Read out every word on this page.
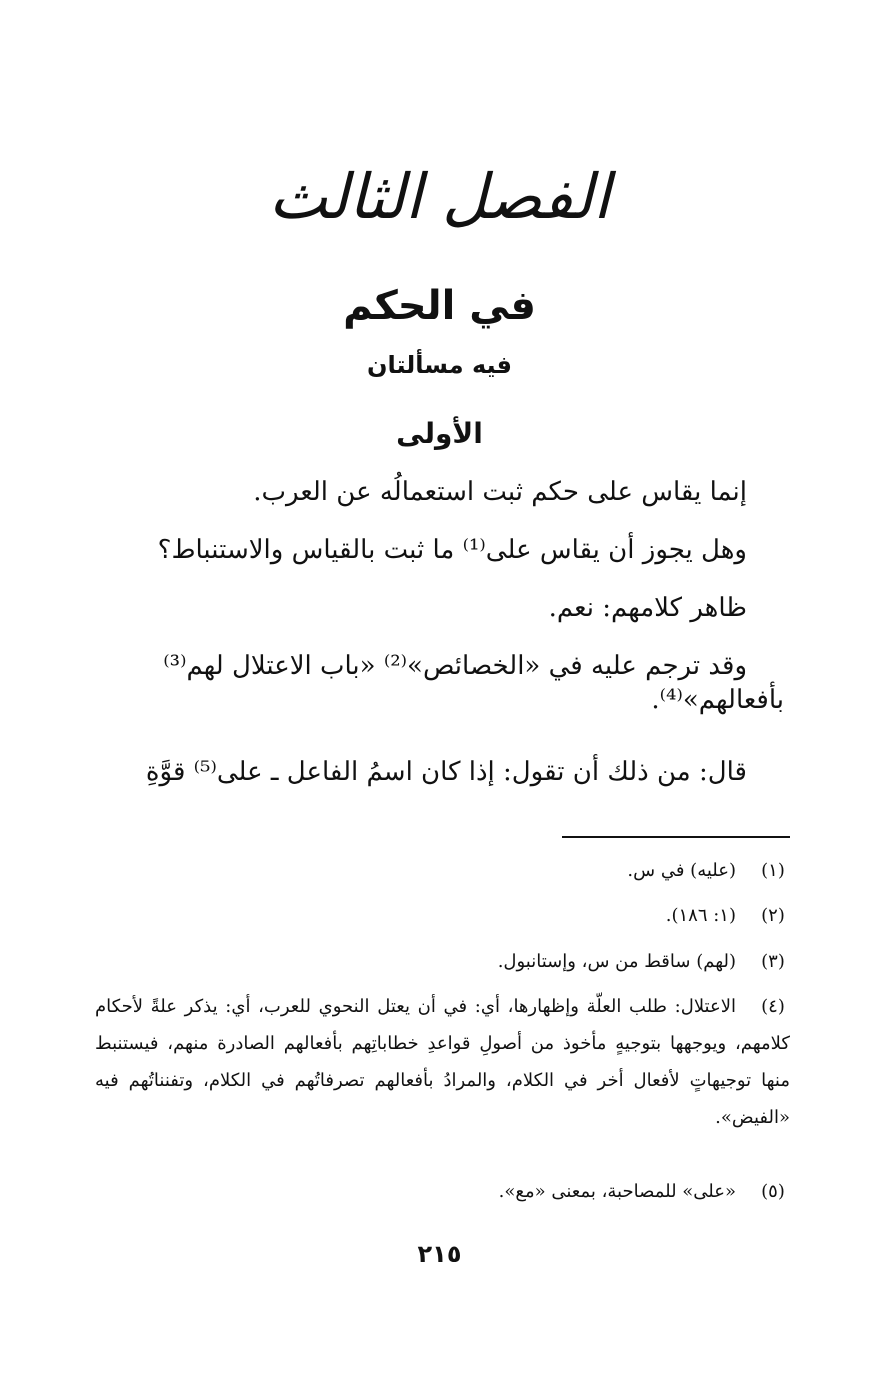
الفصل الثالث
في الحكم
فيه مسألتان
الأولى
إنما يقاس على حكم ثبت استعمالُه عن العرب.
وهل يجوز أن يقاس على⁽¹⁾ ما ثبت بالقياس والاستنباط؟
ظاهر كلامهم: نعم.
وقد ترجم عليه في «الخصائص»⁽²⁾ «باب الاعتلال لهم⁽³⁾ بأفعالهم»⁽⁴⁾.
قال: من ذلك أن تقول: إذا كان اسمُ الفاعل ـ على⁽⁵⁾ قوَّةِ
(١)
(عليه) في س.
(٢)
(١: ١٨٦).
(٣)
(لهم) ساقط من س، وإستانبول.
(٤)
الاعتلال: طلب العلّة وإظهارها، أي: في أن يعتل النحوي للعرب، أي: يذكر علةً لأحكام كلامهم، ويوجهها بتوجيهٍ مأخوذ من أصولِ قواعدِ خطاباتِهم بأفعالهم الصادرة منهم، فيستنبط منها توجيهاتٍ لأفعال أخر في الكلام، والمرادُ بأفعالهم تصرفاتُهم في الكلام، وتفنناتُهم فيه «الفيض».
(٥)
«على» للمصاحبة، بمعنى «مع».
٢١٥
